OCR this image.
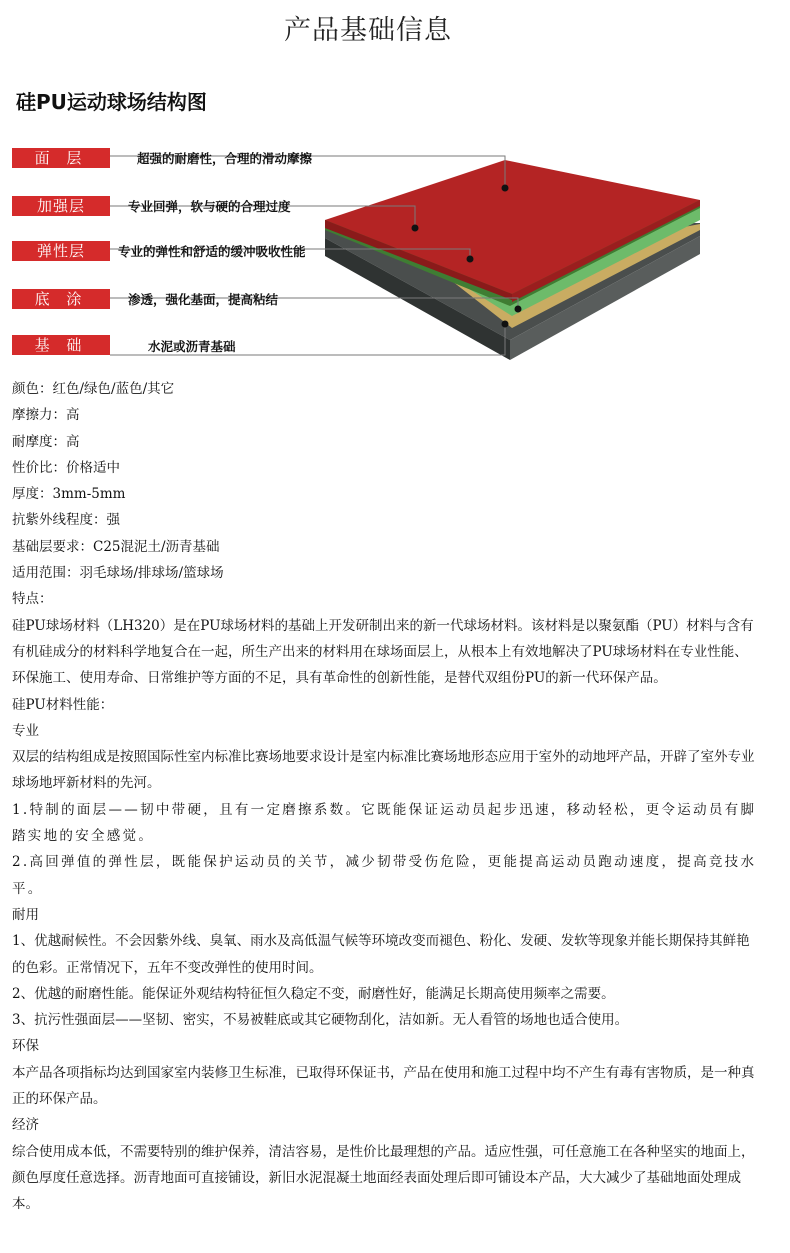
产品基础信息
硅PU运动球场结构图
面 层	超强的耐磨性，合理的滑动摩擦
加强层	专业回弹，软与硬的合理过度
弹性层	专业的弹性和舒适的缓冲吸收性能
底 涂	渗透，强化基面，提高粘结
基 础	水泥或沥青基础

颜色：红色/绿色/蓝色/其它

摩擦力：高

耐摩度：高

性价比：价格适中

厚度：3mm-5mm

抗紫外线程度：强

基础层要求：C25混泥土/沥青基础

适用范围：羽毛球场/排球场/篮球场

特点：

硅PU球场材料（LH320）是在PU球场材料的基础上开发研制出来的新一代球场材料。该材料是以聚氨酯（PU）材料与含有有机硅成分的材料科学地复合在一起，所生产出来的材料用在球场面层上，从根本上有效地解决了PU球场材料在专业性能、环保施工、使用寿命、日常维护等方面的不足，具有革命性的创新性能，是替代双组份PU的新一代环保产品。

硅PU材料性能：

专业

双层的结构组成是按照国际性室内标准比赛场地要求设计是室内标准比赛场地形态应用于室外的动地坪产品，开辟了室外专业球场地坪新材料的先河。

1.特制的面层——韧中带硬，且有一定磨擦系数。它既能保证运动员起步迅速，移动轻松，更令运动员有脚踏实地的安全感觉。

2.高回弹值的弹性层，既能保护运动员的关节，减少韧带受伤危险，更能提高运动员跑动速度，提高竞技水平。

耐用

1、优越耐候性。不会因紫外线、臭氧、雨水及高低温气候等环境改变而褪色、粉化、发硬、发软等现象并能长期保持其鲜艳的色彩。正常情况下，五年不变改弹性的使用时间。

2、优越的耐磨性能。能保证外观结构特征恒久稳定不变，耐磨性好，能满足长期高使用频率之需要。

3、抗污性强面层——坚韧、密实，不易被鞋底或其它硬物刮化，洁如新。无人看管的场地也适合使用。

环保

本产品各项指标均达到国家室内装修卫生标准，已取得环保证书，产品在使用和施工过程中均不产生有毒有害物质，是一种真正的环保产品。

经济

综合使用成本低，不需要特别的维护保养，清洁容易，是性价比最理想的产品。适应性强，可任意施工在各种坚实的地面上，颜色厚度任意选择。沥青地面可直接铺设，新旧水泥混凝土地面经表面处理后即可铺设本产品，大大减少了基础地面处理成本。
